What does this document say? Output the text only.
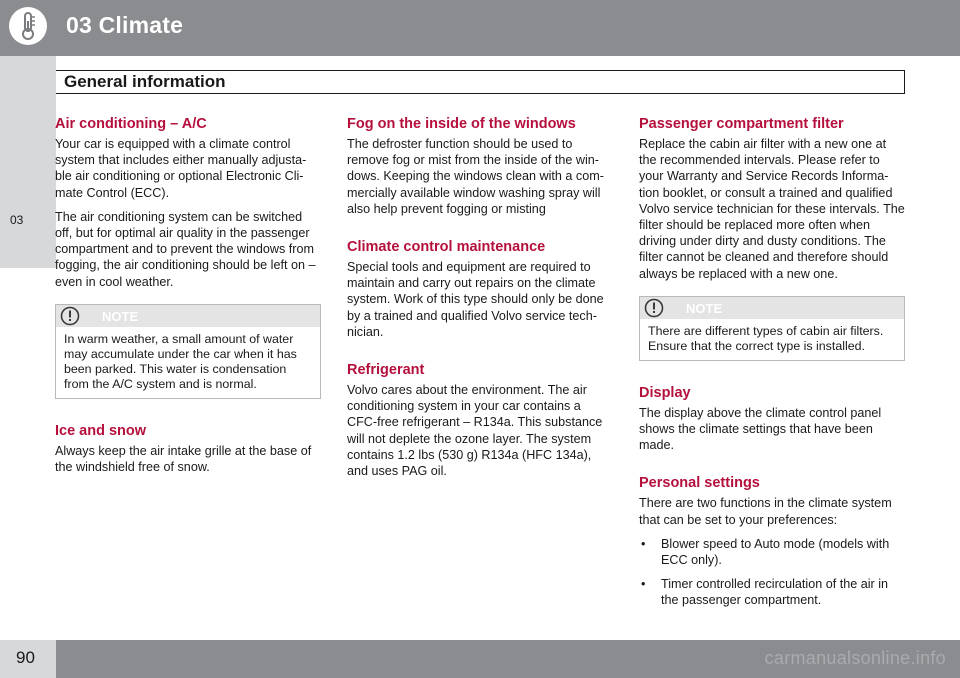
03 Climate
03
General information
Air conditioning – A/C

Your car is equipped with a climate control system that includes either manually adjusta-ble air conditioning or optional Electronic Cli-mate Control (ECC).

The air conditioning system can be switched off, but for optimal air quality in the passenger compartment and to prevent the windows from fogging, the air conditioning should be left on – even in cool weather.

NOTE
In warm weather, a small amount of water may accumulate under the car when it has been parked. This water is condensation from the A/C system and is normal.
Ice and snow

Always keep the air intake grille at the base of the windshield free of snow.

Fog on the inside of the windows

The defroster function should be used to remove fog or mist from the inside of the win-dows. Keeping the windows clean with a com-mercially available window washing spray will also help prevent fogging or misting

Climate control maintenance

Special tools and equipment are required to maintain and carry out repairs on the climate system. Work of this type should only be done by a trained and qualified Volvo service tech-nician.

Refrigerant

Volvo cares about the environment. The air conditioning system in your car contains a CFC-free refrigerant – R134a. This substance will not deplete the ozone layer. The system contains 1.2 lbs (530 g) R134a (HFC 134a), and uses PAG oil.

Passenger compartment filter

Replace the cabin air filter with a new one at the recommended intervals. Please refer to your Warranty and Service Records Informa-tion booklet, or consult a trained and qualified Volvo service technician for these intervals. The filter should be replaced more often when driving under dirty and dusty conditions. The filter cannot be cleaned and therefore should always be replaced with a new one.

NOTE
There are different types of cabin air filters. Ensure that the correct type is installed.
Display

The display above the climate control panel shows the climate settings that have been made.

Personal settings

There are two functions in the climate system that can be set to your preferences:

• Blower speed to Auto mode (models with ECC only).
• Timer controlled recirculation of the air in the passenger compartment.
90	carmanualsonline.info
